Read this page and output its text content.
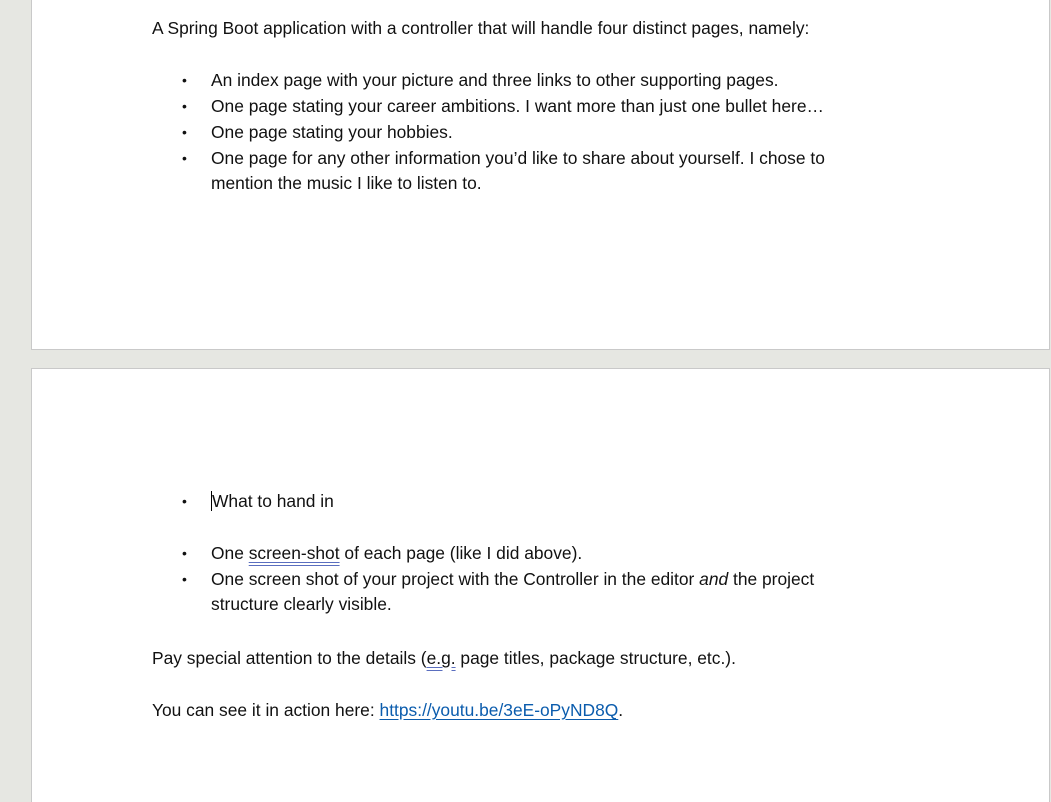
A Spring Boot application with a controller that will handle four distinct pages, namely:
• An index page with your picture and three links to other supporting pages.
• One page stating your career ambitions. I want more than just one bullet here…
• One page stating your hobbies.
• One page for any other information you’d like to share about yourself. I chose to mention the music I like to listen to.
• What to hand in
• One screen-shot of each page (like I did above).
• One screen shot of your project with the Controller in the editor and the project structure clearly visible.
Pay special attention to the details (e.g. page titles, package structure, etc.).
You can see it in action here: https://youtu.be/3eE-oPyND8Q.
